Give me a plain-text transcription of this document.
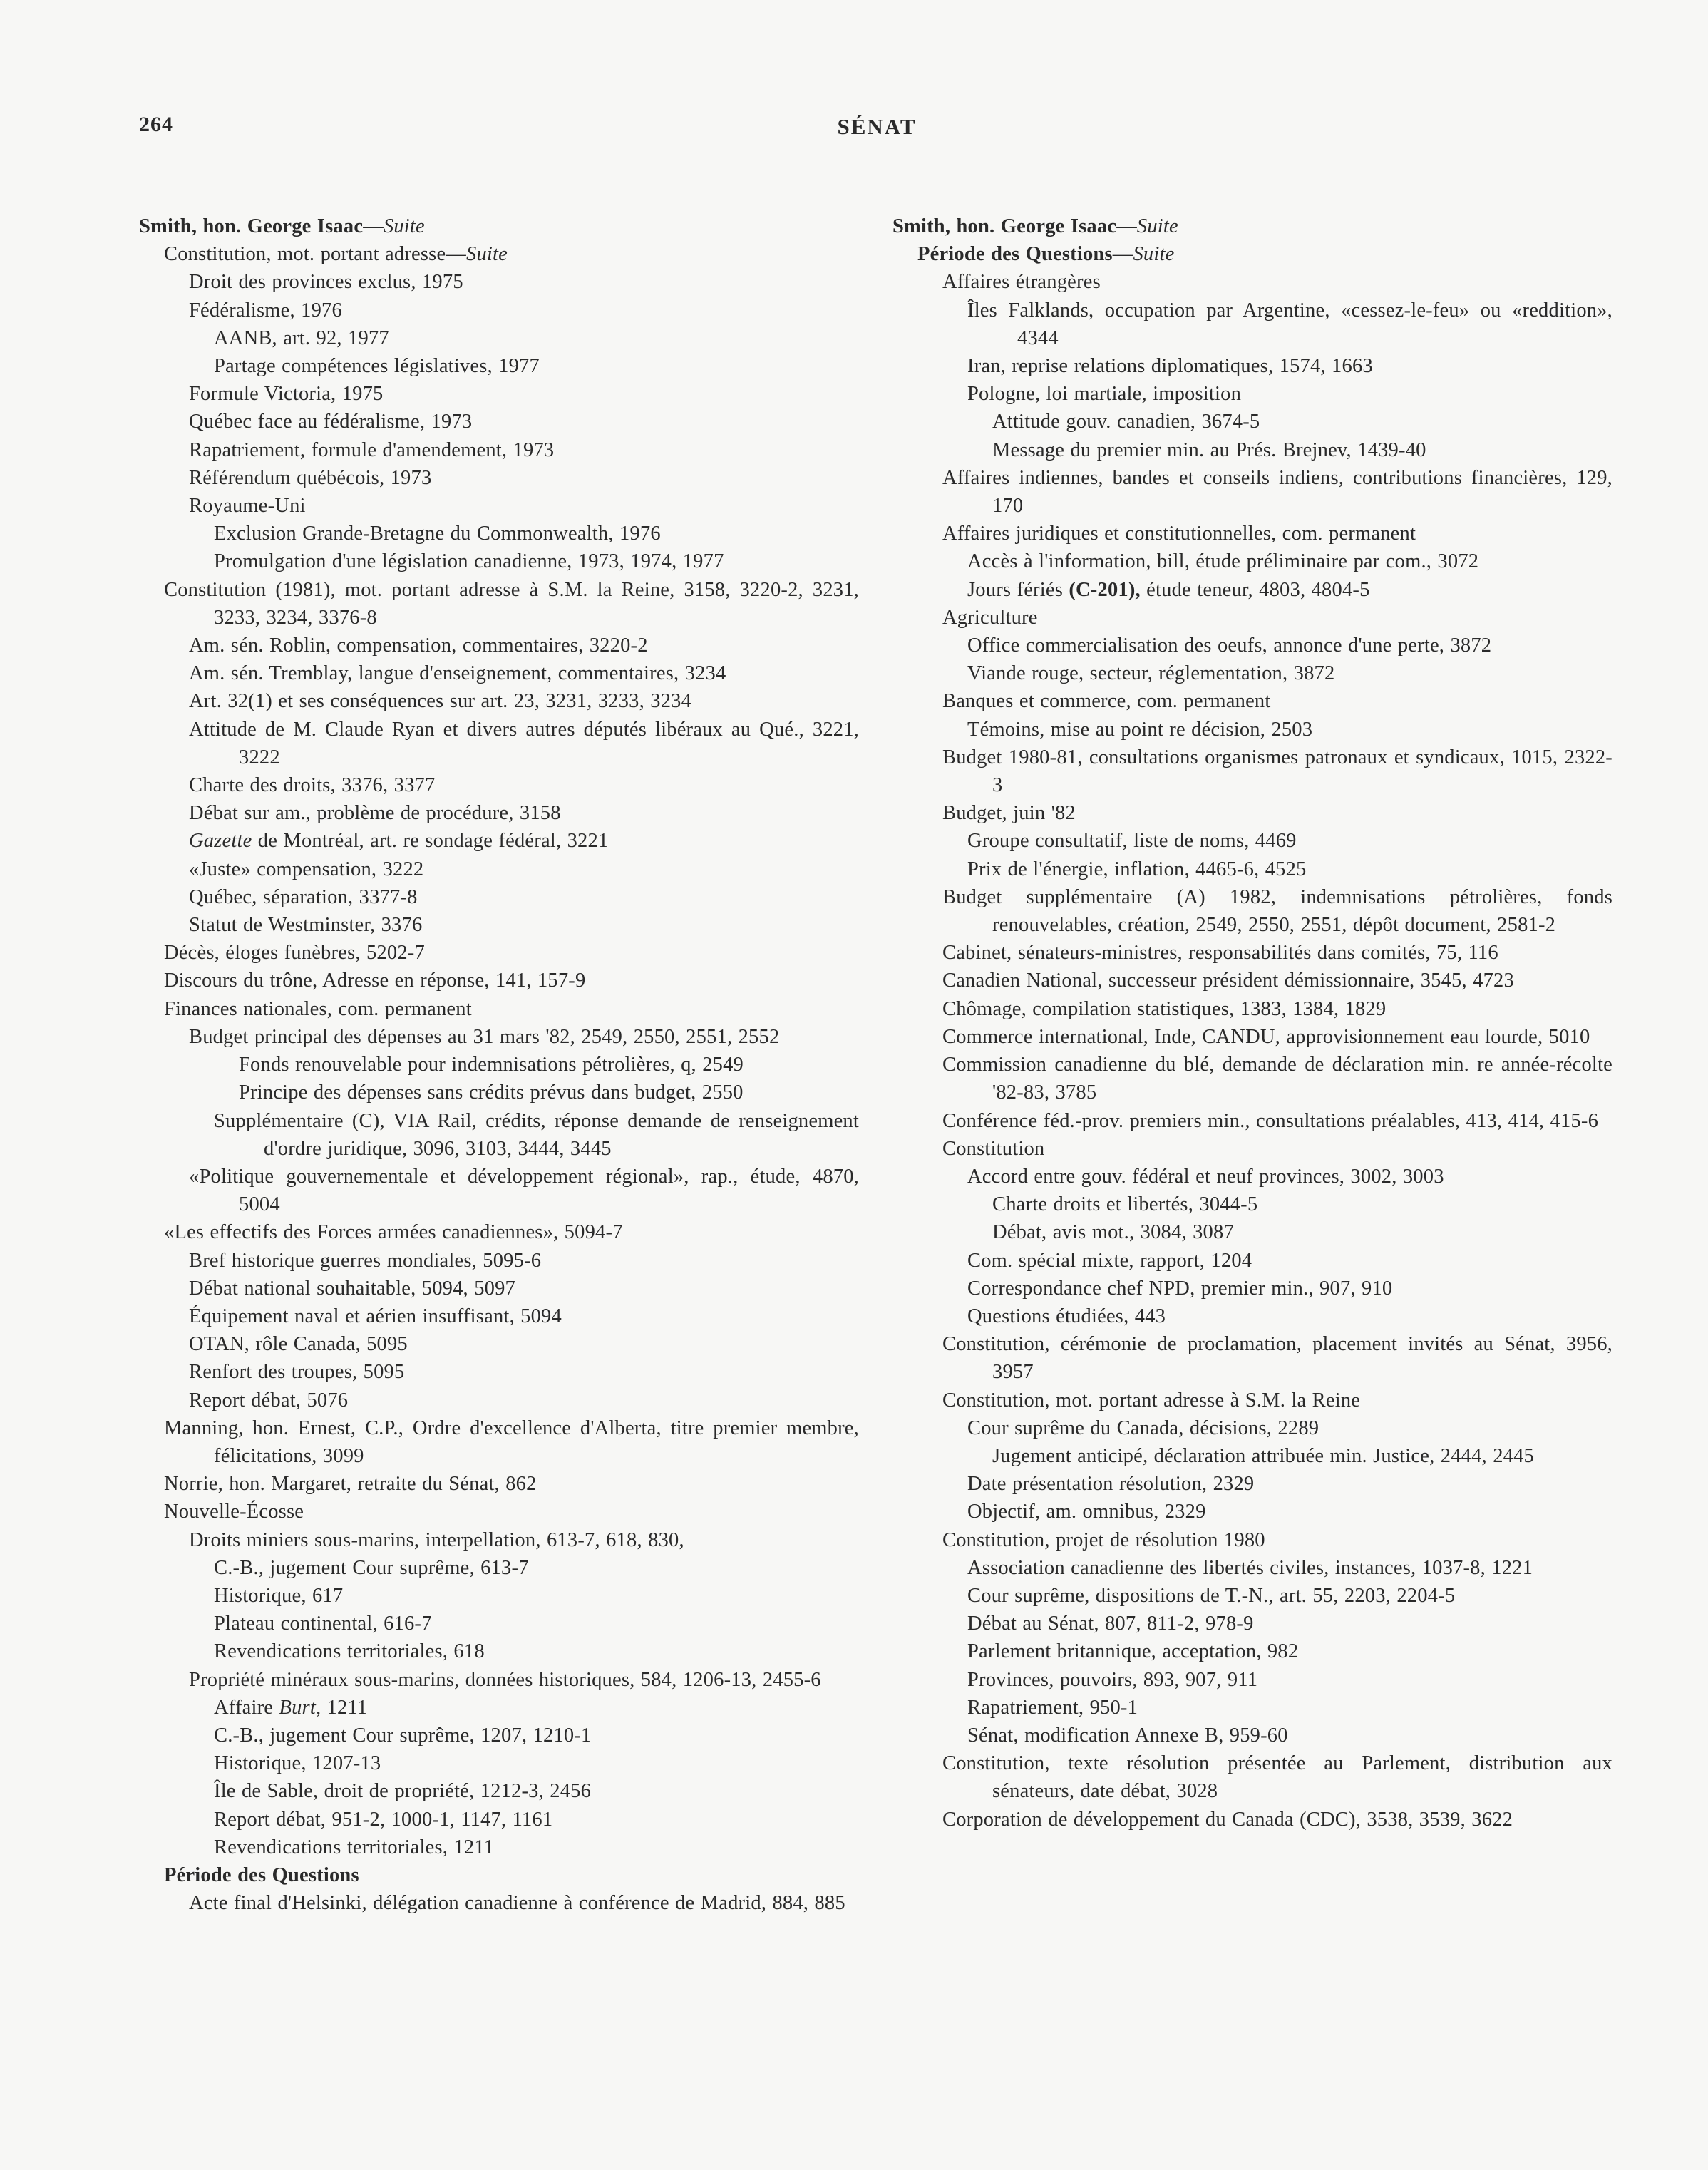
264	SÉNAT
Smith, hon. George Isaac—Suite
Constitution, mot. portant adresse—Suite
Droit des provinces exclus, 1975
Fédéralisme, 1976
AANB, art. 92, 1977
Partage compétences législatives, 1977
Formule Victoria, 1975
Québec face au fédéralisme, 1973
Rapatriement, formule d'amendement, 1973
Référendum québécois, 1973
Royaume-Uni
Exclusion Grande-Bretagne du Commonwealth, 1976
Promulgation d'une législation canadienne, 1973, 1974, 1977
Constitution (1981), mot. portant adresse à S.M. la Reine, 3158, 3220-2, 3231, 3233, 3234, 3376-8
Am. sén. Roblin, compensation, commentaires, 3220-2
Am. sén. Tremblay, langue d'enseignement, commentaires, 3234
Art. 32(1) et ses conséquences sur art. 23, 3231, 3233, 3234
Attitude de M. Claude Ryan et divers autres députés libéraux au Qué., 3221, 3222
Charte des droits, 3376, 3377
Débat sur am., problème de procédure, 3158
Gazette de Montréal, art. re sondage fédéral, 3221
«Juste» compensation, 3222
Québec, séparation, 3377-8
Statut de Westminster, 3376
Décès, éloges funèbres, 5202-7
Discours du trône, Adresse en réponse, 141, 157-9
Finances nationales, com. permanent
Budget principal des dépenses au 31 mars '82, 2549, 2550, 2551, 2552
Fonds renouvelable pour indemnisations pétrolières, q, 2549
Principe des dépenses sans crédits prévus dans budget, 2550
Supplémentaire (C), VIA Rail, crédits, réponse demande de renseignement d'ordre juridique, 3096, 3103, 3444, 3445
«Politique gouvernementale et développement régional», rap., étude, 4870, 5004
«Les effectifs des Forces armées canadiennes», 5094-7
Bref historique guerres mondiales, 5095-6
Débat national souhaitable, 5094, 5097
Équipement naval et aérien insuffisant, 5094
OTAN, rôle Canada, 5095
Renfort des troupes, 5095
Report débat, 5076
Manning, hon. Ernest, C.P., Ordre d'excellence d'Alberta, titre premier membre, félicitations, 3099
Norrie, hon. Margaret, retraite du Sénat, 862
Nouvelle-Écosse
Droits miniers sous-marins, interpellation, 613-7, 618, 830,
C.-B., jugement Cour suprême, 613-7
Historique, 617
Plateau continental, 616-7
Revendications territoriales, 618
Propriété minéraux sous-marins, données historiques, 584, 1206-13, 2455-6
Affaire Burt, 1211
C.-B., jugement Cour suprême, 1207, 1210-1
Historique, 1207-13
Île de Sable, droit de propriété, 1212-3, 2456
Report débat, 951-2, 1000-1, 1147, 1161
Revendications territoriales, 1211
Période des Questions
Acte final d'Helsinki, délégation canadienne à conférence de Madrid, 884, 885
Smith, hon. George Isaac—Suite
Période des Questions—Suite
Affaires étrangères
Îles Falklands, occupation par Argentine, «cessez-le-feu» ou «reddition», 4344
Iran, reprise relations diplomatiques, 1574, 1663
Pologne, loi martiale, imposition
Attitude gouv. canadien, 3674-5
Message du premier min. au Prés. Brejnev, 1439-40
Affaires indiennes, bandes et conseils indiens, contributions financières, 129, 170
Affaires juridiques et constitutionnelles, com. permanent
Accès à l'information, bill, étude préliminaire par com., 3072
Jours fériés (C-201), étude teneur, 4803, 4804-5
Agriculture
Office commercialisation des oeufs, annonce d'une perte, 3872
Viande rouge, secteur, réglementation, 3872
Banques et commerce, com. permanent
Témoins, mise au point re décision, 2503
Budget 1980-81, consultations organismes patronaux et syndicaux, 1015, 2322-3
Budget, juin '82
Groupe consultatif, liste de noms, 4469
Prix de l'énergie, inflation, 4465-6, 4525
Budget supplémentaire (A) 1982, indemnisations pétrolières, fonds renouvelables, création, 2549, 2550, 2551, dépôt document, 2581-2
Cabinet, sénateurs-ministres, responsabilités dans comités, 75, 116
Canadien National, successeur président démissionnaire, 3545, 4723
Chômage, compilation statistiques, 1383, 1384, 1829
Commerce international, Inde, CANDU, approvisionnement eau lourde, 5010
Commission canadienne du blé, demande de déclaration min. re année-récolte '82-83, 3785
Conférence féd.-prov. premiers min., consultations préalables, 413, 414, 415-6
Constitution
Accord entre gouv. fédéral et neuf provinces, 3002, 3003
Charte droits et libertés, 3044-5
Débat, avis mot., 3084, 3087
Com. spécial mixte, rapport, 1204
Correspondance chef NPD, premier min., 907, 910
Questions étudiées, 443
Constitution, cérémonie de proclamation, placement invités au Sénat, 3956, 3957
Constitution, mot. portant adresse à S.M. la Reine
Cour suprême du Canada, décisions, 2289
Jugement anticipé, déclaration attribuée min. Justice, 2444, 2445
Date présentation résolution, 2329
Objectif, am. omnibus, 2329
Constitution, projet de résolution 1980
Association canadienne des libertés civiles, instances, 1037-8, 1221
Cour suprême, dispositions de T.-N., art. 55, 2203, 2204-5
Débat au Sénat, 807, 811-2, 978-9
Parlement britannique, acceptation, 982
Provinces, pouvoirs, 893, 907, 911
Rapatriement, 950-1
Sénat, modification Annexe B, 959-60
Constitution, texte résolution présentée au Parlement, distribution aux sénateurs, date débat, 3028
Corporation de développement du Canada (CDC), 3538, 3539, 3622
